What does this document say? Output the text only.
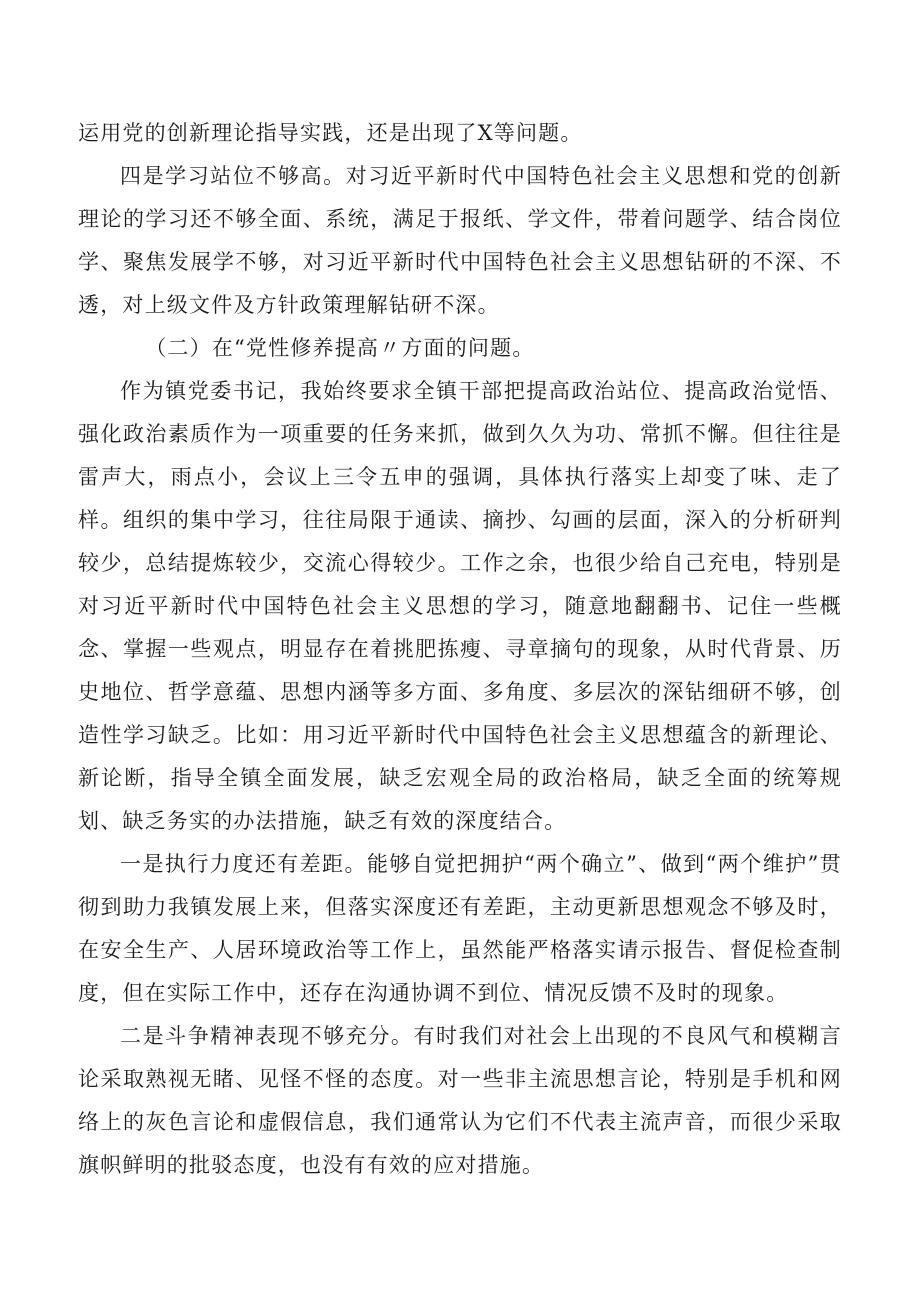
运用党的创新理论指导实践，还是出现了X等问题。

四是学习站位不够高。对习近平新时代中国特色社会主义思想和党的创新理论的学习还不够全面、系统，满足于报纸、学文件，带着问题学、结合岗位学、聚焦发展学不够，对习近平新时代中国特色社会主义思想钻研的不深、不透，对上级文件及方针政策理解钻研不深。

（二）在“党性修养提高〃方面的问题。

作为镇党委书记，我始终要求全镇干部把提高政治站位、提高政治觉悟、强化政治素质作为一项重要的任务来抓，做到久久为功、常抓不懈。但往往是雷声大，雨点小，会议上三令五申的强调，具体执行落实上却变了味、走了样。组织的集中学习，往往局限于通读、摘抄、勾画的层面，深入的分析研判较少，总结提炼较少，交流心得较少。工作之余，也很少给自己充电，特别是对习近平新时代中国特色社会主义思想的学习，随意地翻翻书、记住一些概念、掌握一些观点，明显存在着挑肥拣瘦、寻章摘句的现象，从时代背景、历史地位、哲学意蕴、思想内涵等多方面、多角度、多层次的深钻细研不够，创造性学习缺乏。比如：用习近平新时代中国特色社会主义思想蕴含的新理论、新论断，指导全镇全面发展，缺乏宏观全局的政治格局，缺乏全面的统筹规划、缺乏务实的办法措施，缺乏有效的深度结合。

一是执行力度还有差距。能够自觉把拥护“两个确立”、做到“两个维护”贯彻到助力我镇发展上来，但落实深度还有差距，主动更新思想观念不够及时，在安全生产、人居环境政治等工作上，虽然能严格落实请示报告、督促检查制度，但在实际工作中，还存在沟通协调不到位、情况反馈不及时的现象。

二是斗争精神表现不够充分。有时我们对社会上出现的不良风气和模糊言论采取熟视无睹、见怪不怪的态度。对一些非主流思想言论，特别是手机和网络上的灰色言论和虚假信息，我们通常认为它们不代表主流声音，而很少采取旗帜鲜明的批驳态度，也没有有效的应对措施。
